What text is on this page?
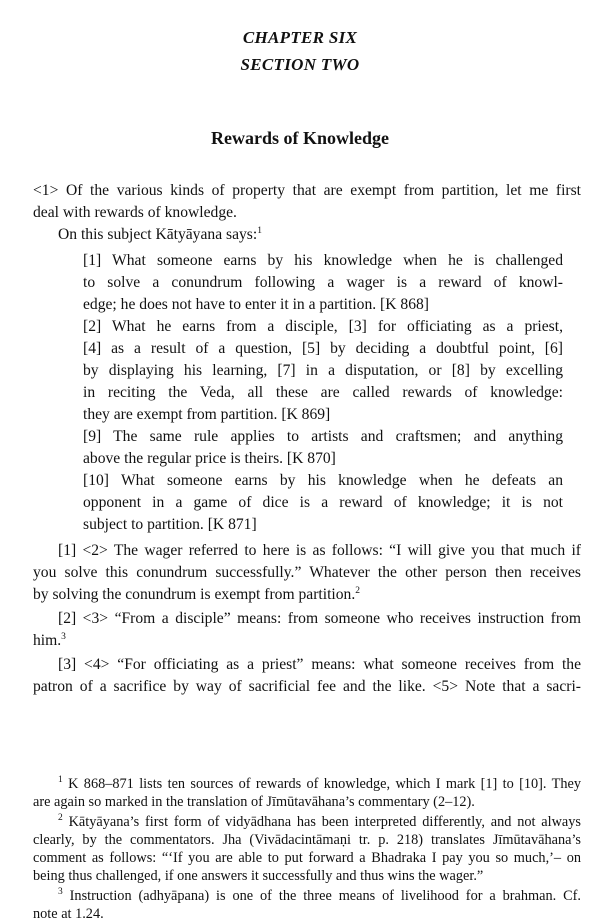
CHAPTER SIX
SECTION TWO
Rewards of Knowledge
<1> Of the various kinds of property that are exempt from partition, let me first
deal with rewards of knowledge.
On this subject Kātyāyana says:$^1$
[1] What someone earns by his knowledge when he is challenged
to solve a conundrum following a wager is a reward of knowl-
edge; he does not have to enter it in a partition. [K 868]
[2] What he earns from a disciple, [3] for officiating as a priest,
[4] as a result of a question, [5] by deciding a doubtful point, [6]
by displaying his learning, [7] in a disputation, or [8] by excelling
in reciting the Veda, all these are called rewards of knowledge:
they are exempt from partition. [K 869]
[9] The same rule applies to artists and craftsmen; and anything
above the regular price is theirs. [K 870]
[10] What someone earns by his knowledge when he defeats an
opponent in a game of dice is a reward of knowledge; it is not
subject to partition. [K 871]
[1] <2> The wager referred to here is as follows: “I will give you that much if
you solve this conundrum successfully.” Whatever the other person then receives
by solving the conundrum is exempt from partition.$^2$
[2] <3> “From a disciple” means: from someone who receives instruction from
him.$^3$
[3] <4> “For officiating as a priest” means: what someone receives from the
patron of a sacrifice by way of sacrificial fee and the like. <5> Note that a sacri-
$^1$ K 868–871 lists ten sources of rewards of knowledge, which I mark [1] to [10]. They
are again so marked in the translation of Jīmūtavāhana’s commentary (2–12).
$^2$ Kātyāyana’s first form of vidyādhana has been interpreted differently, and not always
clearly, by the commentators. Jha (Vivādacintāmaṇi tr. p. 218) translates Jīmūtavāhana’s
comment as follows: “‘If you are able to put forward a Bhadraka I pay you so much,’– on
being thus challenged, if one answers it successfully and thus wins the wager.”
$^3$ Instruction (adhyāpana) is one of the three means of livelihood for a brahman. Cf.
note at 1.24.
